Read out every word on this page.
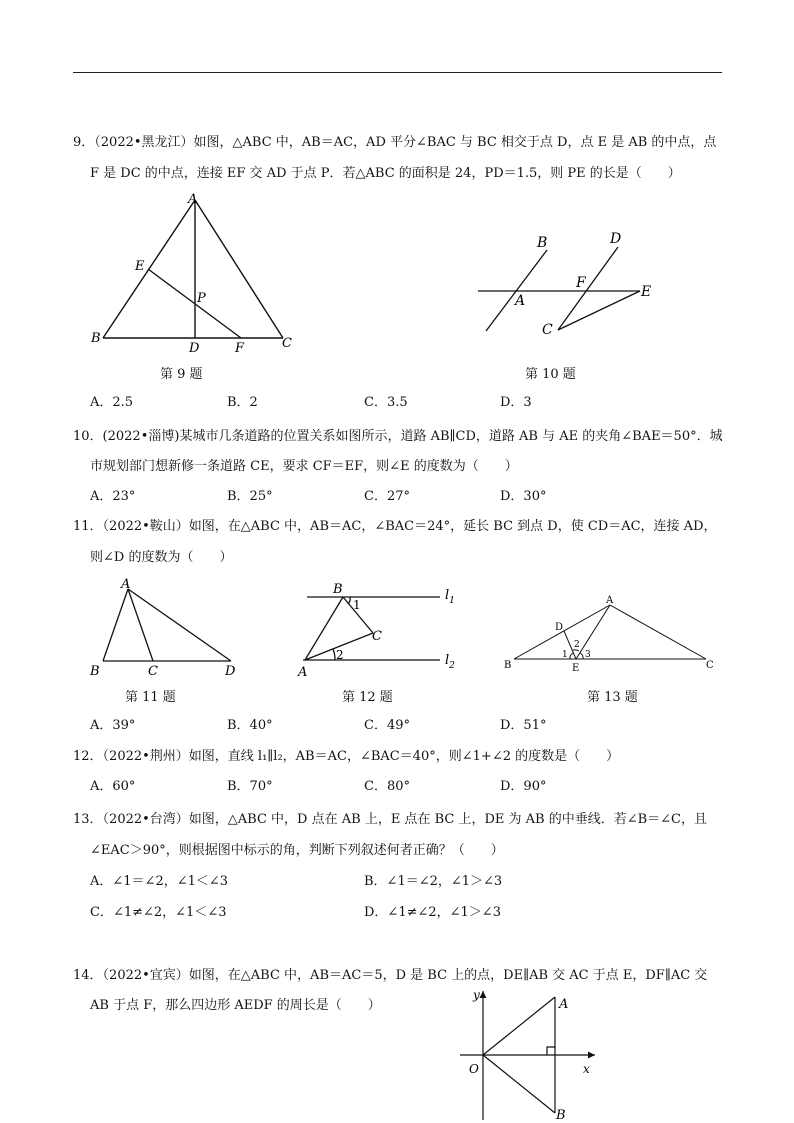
9．（2022•黑龙江）如图，△ABC 中，AB＝AC，AD 平分∠BAC 与 BC 相交于点 D，点 E 是 AB 的中点，点
F 是 DC 的中点，连接 EF 交 AD 于点 P．若△ABC 的面积是 24，PD＝1.5，则 PE 的长是（　　）
A
B	C
D
E
F
P
第 9 题
B	D
F
E
A
C
第 10 题
A．2.5	B．2	C．3.5	D．3
10．(2022•淄博)某城市几条道路的位置关系如图所示，道路 AB∥CD，道路 AB 与 AE 的夹角∠BAE＝50°．城
市规划部门想新修一条道路 CE，要求 CF＝EF，则∠E 的度数为（　　）
A．23°	B．25°	C．27°	D．30°
11．（2022•鞍山）如图，在△ABC 中，AB＝AC，∠BAC＝24°，延长 BC 到点 D，使 CD＝AC，连接 AD，
则∠D 的度数为（　　）
A
B	C	D
第 11 题
B
A
C
1
2
$l_1$
$l_2$
第 12 题
A
B	C
D
E
1
2
3
第 13 题
A．39°	B．40°	C．49°	D．51°
12．（2022•荆州）如图，直线 l₁∥l₂，AB＝AC，∠BAC＝40°，则∠1+∠2 的度数是（　　）
A．60°	B．70°	C．80°	D．90°
13．（2022•台湾）如图，△ABC 中，D 点在 AB 上，E 点在 BC 上，DE 为 AB 的中垂线．若∠B＝∠C，且
∠EAC＞90°，则根据图中标示的角，判断下列叙述何者正确？（　　）
A．∠1＝∠2，∠1＜∠3	B．∠1＝∠2，∠1＞∠3
C．∠1≠∠2，∠1＜∠3	D．∠1≠∠2，∠1＞∠3
14．（2022•宜宾）如图，在△ABC 中，AB＝AC＝5，D 是 BC 上的点，DE∥AB 交 AC 于点 E，DF∥AC 交
AB 于点 F，那么四边形 AEDF 的周长是（　　）
y
x
O
A
B
